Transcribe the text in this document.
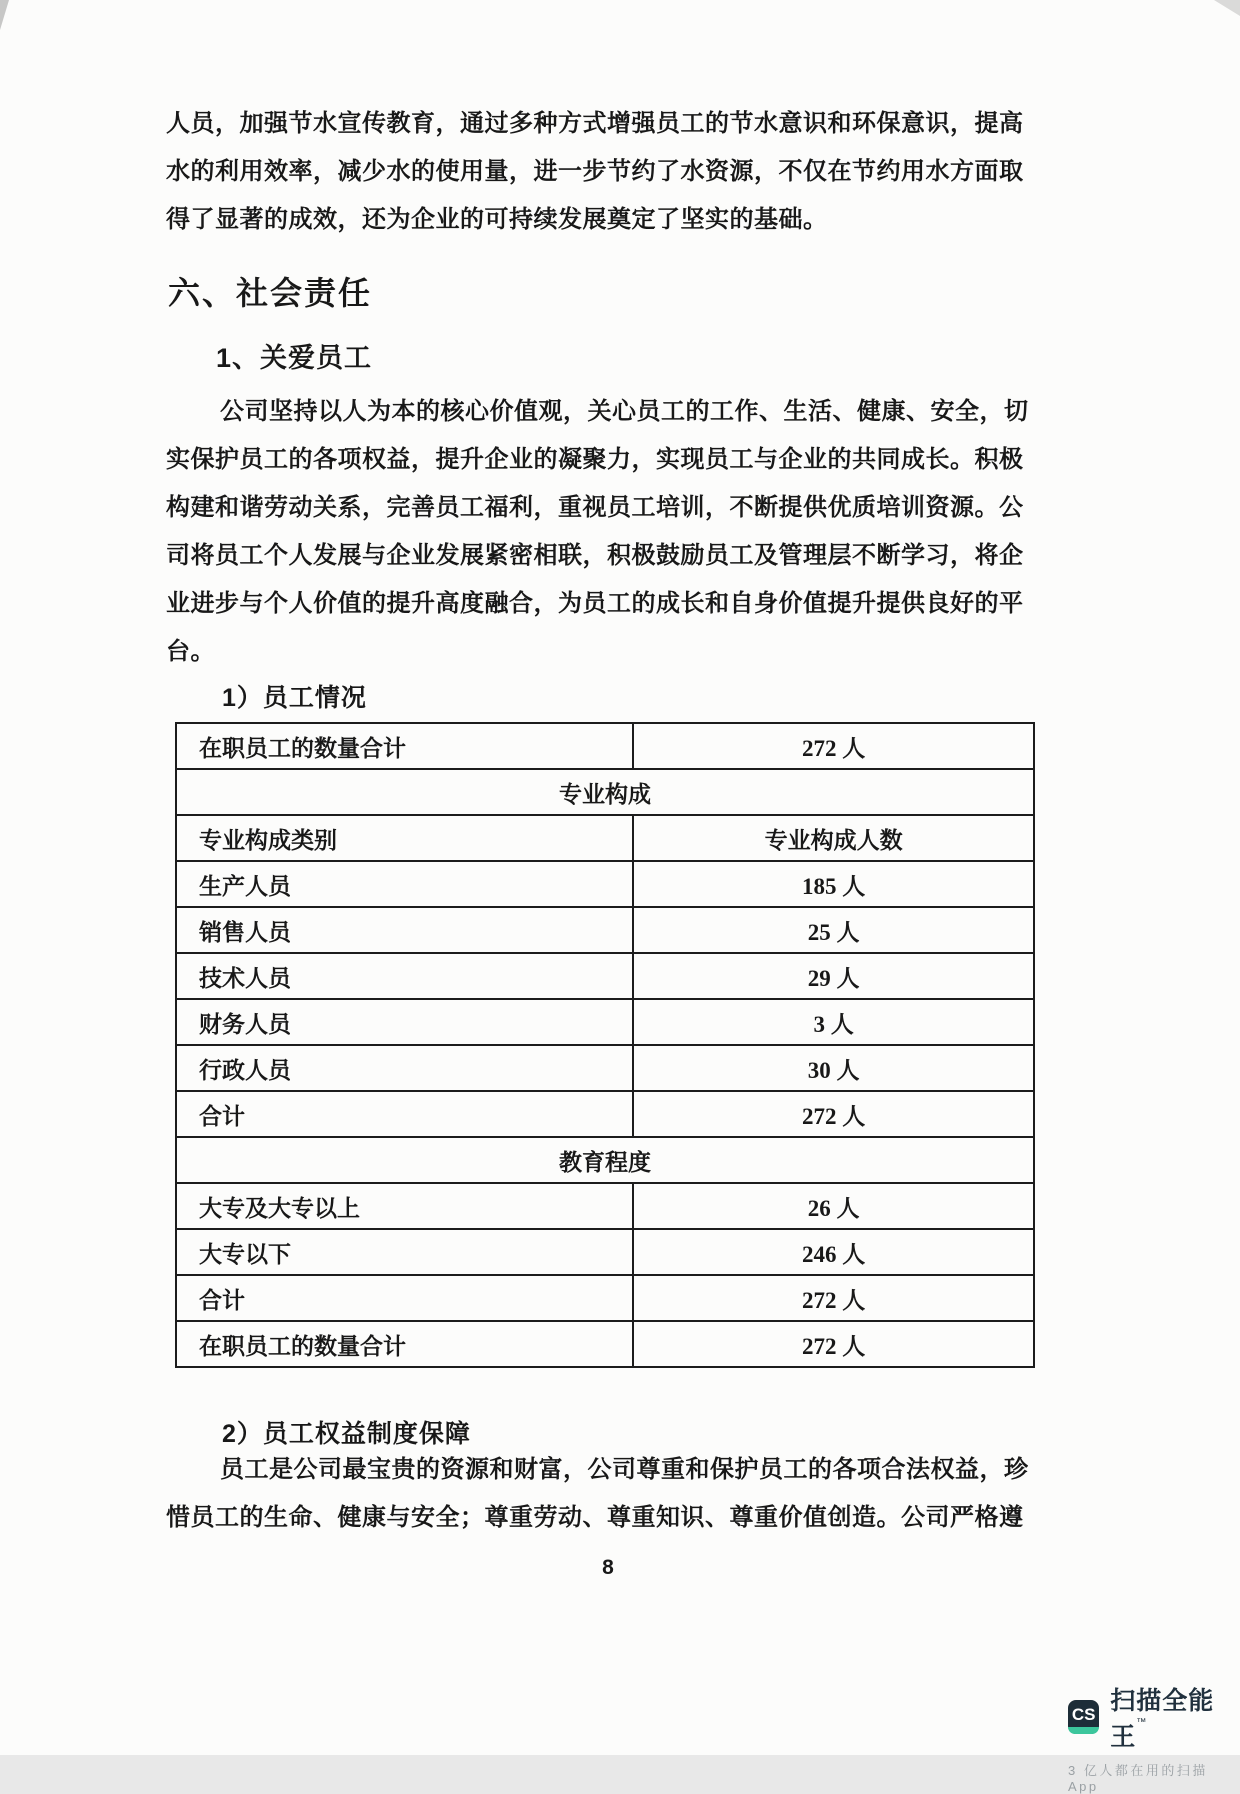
人员，加强节水宣传教育，通过多种方式增强员工的节水意识和环保意识，提高
水的利用效率，减少水的使用量，进一步节约了水资源，不仅在节约用水方面取
得了显著的成效，还为企业的可持续发展奠定了坚实的基础。
六、社会责任
1、关爱员工
公司坚持以人为本的核心价值观，关心员工的工作、生活、健康、安全，切
实保护员工的各项权益，提升企业的凝聚力，实现员工与企业的共同成长。积极
构建和谐劳动关系，完善员工福利，重视员工培训，不断提供优质培训资源。公
司将员工个人发展与企业发展紧密相联，积极鼓励员工及管理层不断学习，将企
业进步与个人价值的提升高度融合，为员工的成长和自身价值提升提供良好的平
台。
1）员工情况
在职员工的数量合计	272 人
专业构成	
专业构成类别	专业构成人数
生产人员	185 人
销售人员	25 人
技术人员	29 人
财务人员	3 人
行政人员	30 人
合计	272 人
教育程度	
大专及大专以上	26 人
大专以下	246 人
合计	272 人
在职员工的数量合计	272 人
2）员工权益制度保障
员工是公司最宝贵的资源和财富，公司尊重和保护员工的各项合法权益，珍
惜员工的生命、健康与安全；尊重劳动、尊重知识、尊重价值创造。公司严格遵
8
CS 扫描全能王™
3 亿人都在用的扫描 App
